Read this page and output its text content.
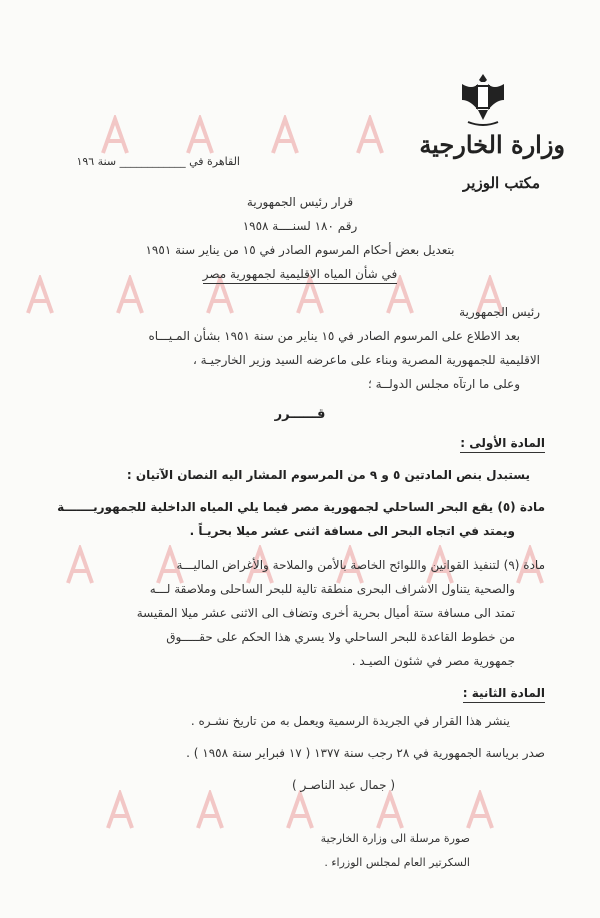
وزارة الخارجية
مكتب الوزير
القاهرة في ____________ سنة ١٩٦
قرار رئيس الجمهورية
رقم ١٨٠ لسنــــة ١٩٥٨
بتعديل بعض أحكام المرسوم الصادر في ١٥ من يناير سنة ١٩٥١
في شأن المياه الاقليمية لجمهورية مصر
رئيس الجمهورية
بعد الاطلاع على المرسوم الصادر في ١٥ يناير من سنة ١٩٥١ بشأن المـيـــاه
الاقليمية للجمهورية المصرية وبناء على ماعرضه السيد وزير الخارجيـة ،
وعلى ما ارتآه مجلس الدولــة ؛
قــــــرر
المادة الأولى :
يستبدل بنص المادتين ٥ و ٩ من المرسوم المشار اليه النصان الآتيان :
مادة (٥) يقع البحر الساحلي لجمهورية مصر فيما يلي المياه الداخلية للجمهوريـــــــة
ويمتد في اتجاه البحر الى مسافة اثنى عشر ميلا بحريـاً .
مادة (٩) لتنفيذ القوانين واللوائح الخاصة بالأمن والملاحة والأغراض الماليـــة
والصحية يتناول الاشراف البحرى منطقة تالية للبحر الساحلى وملاصقة لـــه
تمتد الى مسافة ستة أميال بحرية أخرى وتضاف الى الاثنى عشر ميلا المقيسة
من خطوط القاعدة للبحر الساحلي ولا يسري هذا الحكم على حقـــــوق
جمهورية مصر في شئون الصيـد .
المادة الثانية :
ينشر هذا القرار في الجريدة الرسمية ويعمل به من تاريخ نشـره .
صدر برياسة الجمهورية في ٢٨ رجب سنة ١٣٧٧ ( ١٧ فبراير سنة ١٩٥٨ ) .
( جمال عبد الناصـر )
صورة مرسلة الى وزارة الخارجية
السكرتير العام لمجلس الوزراء .
